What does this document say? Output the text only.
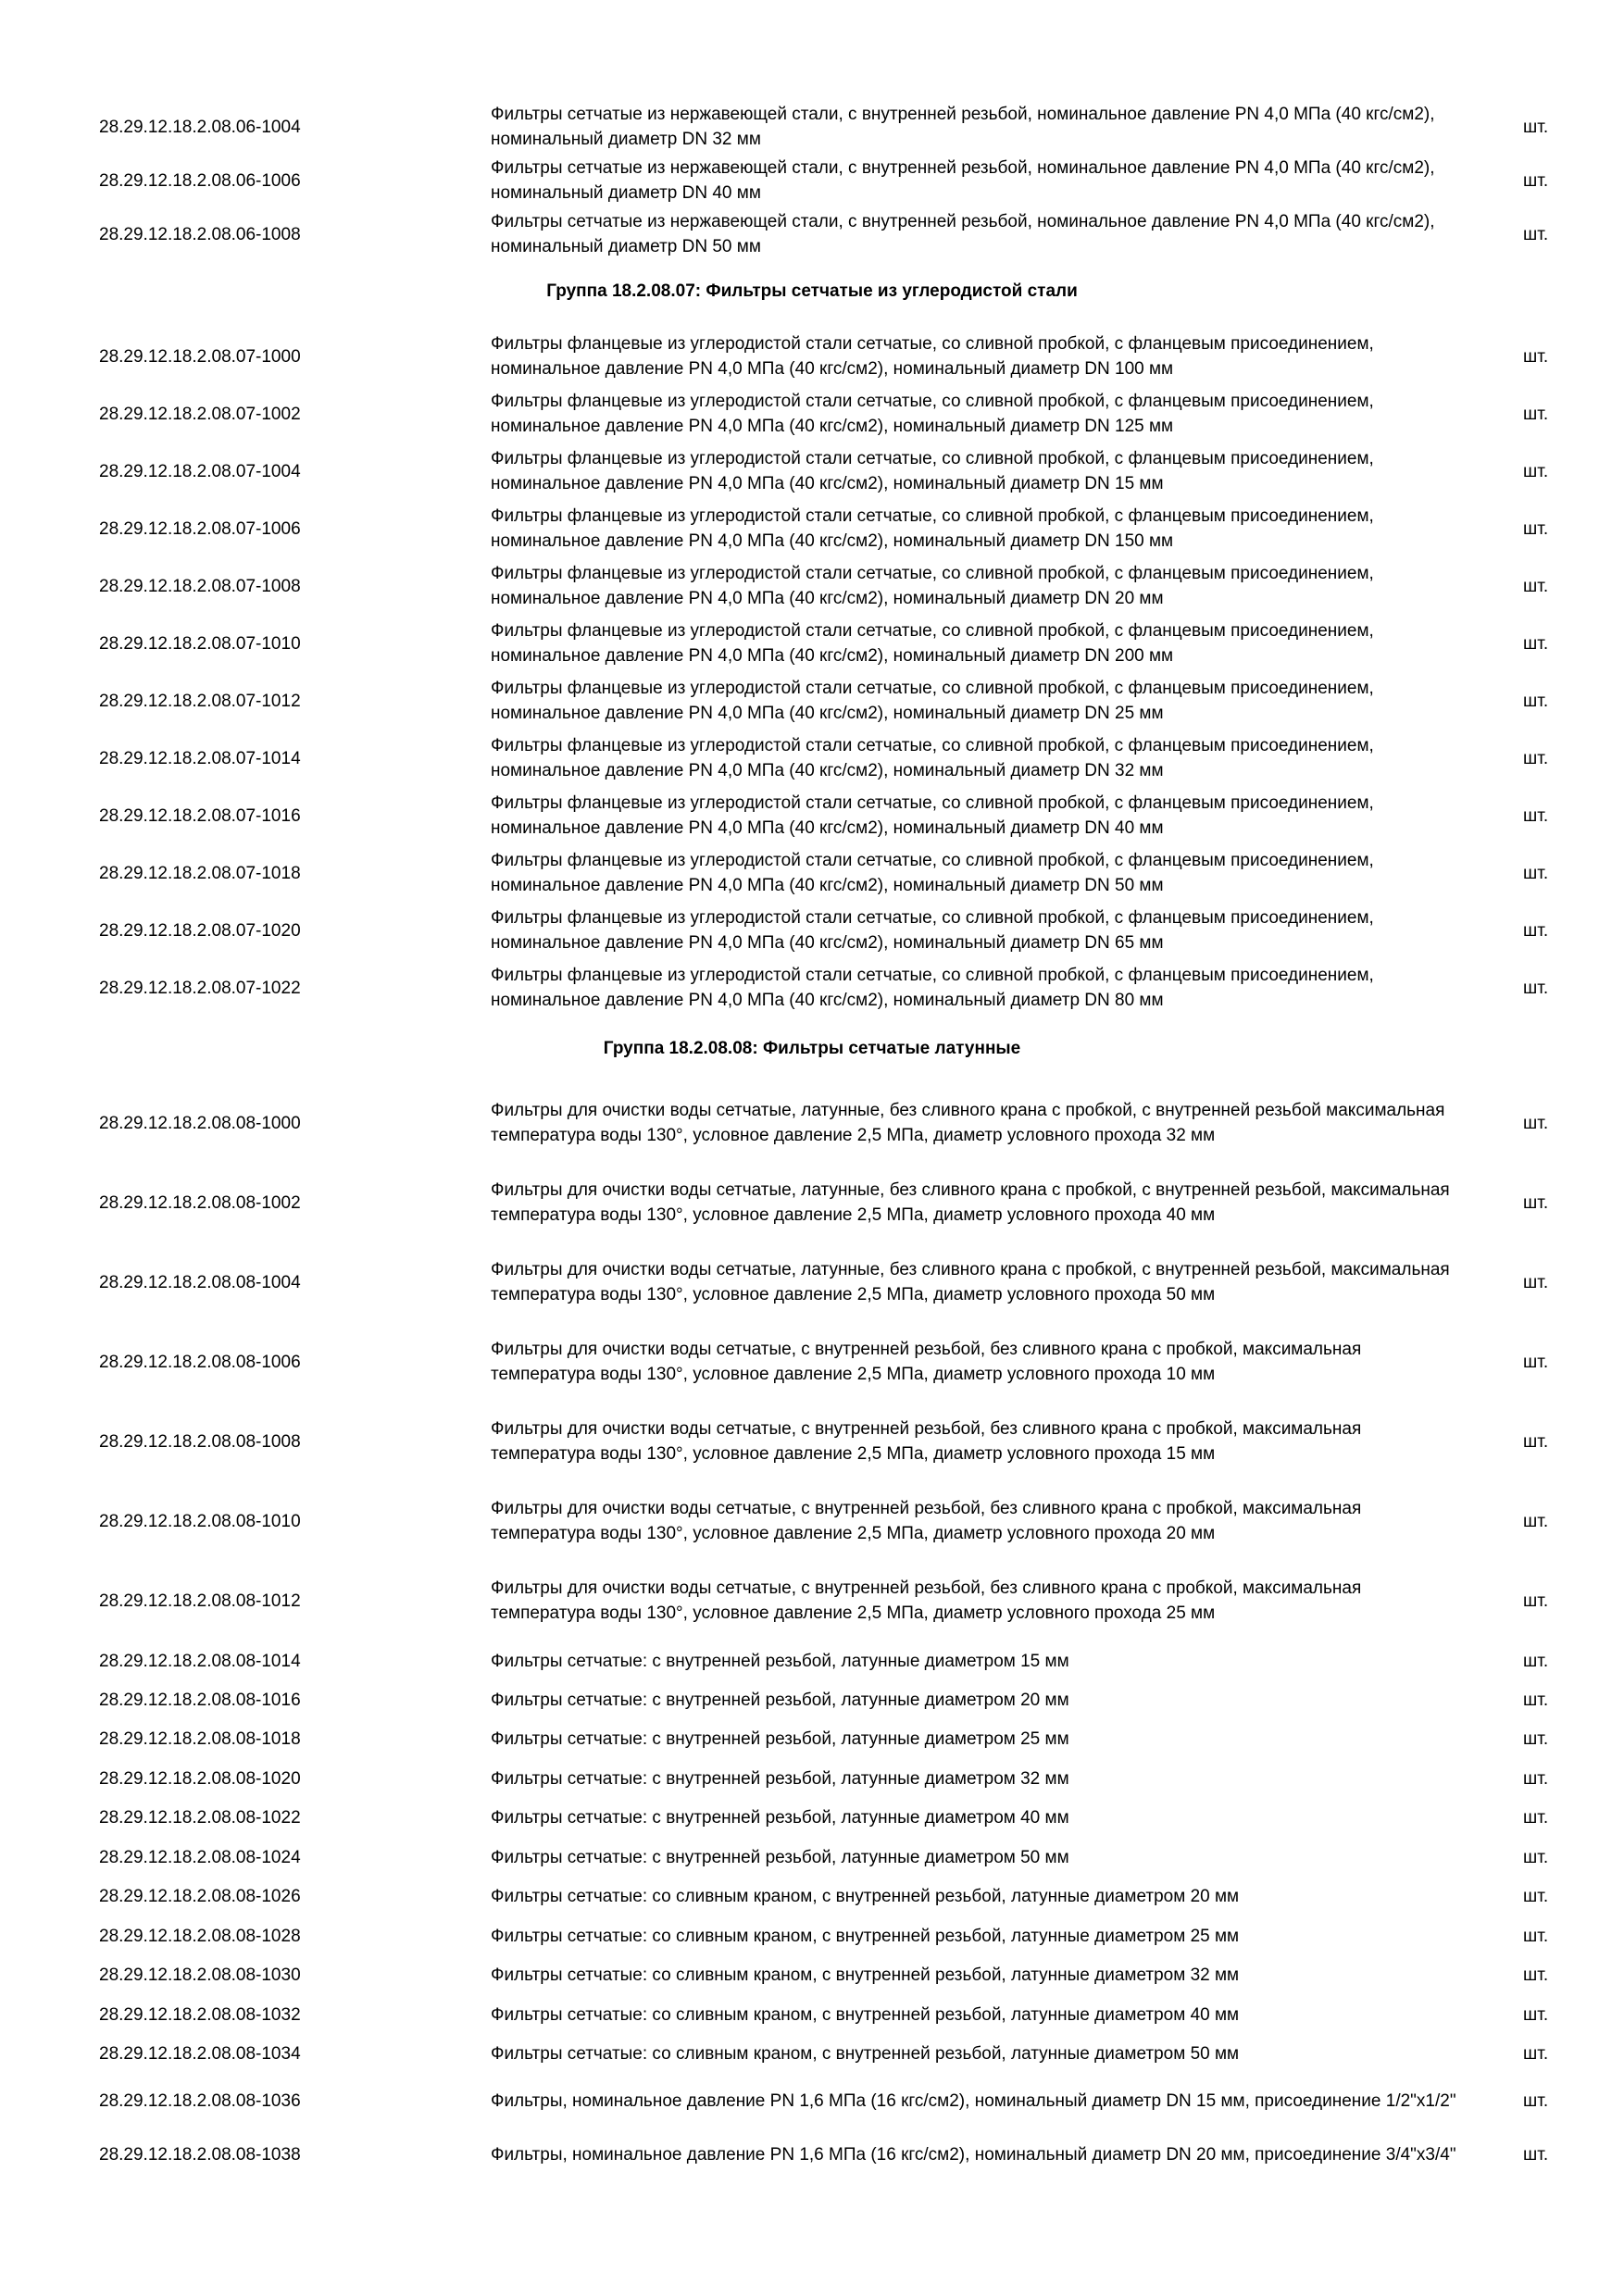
28.29.12.18.2.08.06-1004
Фильтры сетчатые из нержавеющей стали, с внутренней резьбой, номинальное давление PN 4,0 МПа (40 кгс/см2), номинальный диаметр DN 32 мм
шт.
28.29.12.18.2.08.06-1006
Фильтры сетчатые из нержавеющей стали, с внутренней резьбой, номинальное давление PN 4,0 МПа (40 кгс/см2), номинальный диаметр DN 40 мм
шт.
28.29.12.18.2.08.06-1008
Фильтры сетчатые из нержавеющей стали, с внутренней резьбой, номинальное давление PN 4,0 МПа (40 кгс/см2), номинальный диаметр DN 50 мм
шт.
Группа 18.2.08.07: Фильтры сетчатые из углеродистой стали
28.29.12.18.2.08.07-1000
Фильтры фланцевые из углеродистой стали сетчатые, со сливной пробкой, с фланцевым присоединением, номинальное давление PN 4,0 МПа (40 кгс/см2), номинальный диаметр DN 100 мм
шт.
28.29.12.18.2.08.07-1002
Фильтры фланцевые из углеродистой стали сетчатые, со сливной пробкой, с фланцевым присоединением, номинальное давление PN 4,0 МПа (40 кгс/см2), номинальный диаметр DN 125 мм
шт.
28.29.12.18.2.08.07-1004
Фильтры фланцевые из углеродистой стали сетчатые, со сливной пробкой, с фланцевым присоединением, номинальное давление PN 4,0 МПа (40 кгс/см2), номинальный диаметр DN 15 мм
шт.
28.29.12.18.2.08.07-1006
Фильтры фланцевые из углеродистой стали сетчатые, со сливной пробкой, с фланцевым присоединением, номинальное давление PN 4,0 МПа (40 кгс/см2), номинальный диаметр DN 150 мм
шт.
28.29.12.18.2.08.07-1008
Фильтры фланцевые из углеродистой стали сетчатые, со сливной пробкой, с фланцевым присоединением, номинальное давление PN 4,0 МПа (40 кгс/см2), номинальный диаметр DN 20 мм
шт.
28.29.12.18.2.08.07-1010
Фильтры фланцевые из углеродистой стали сетчатые, со сливной пробкой, с фланцевым присоединением, номинальное давление PN 4,0 МПа (40 кгс/см2), номинальный диаметр DN 200 мм
шт.
28.29.12.18.2.08.07-1012
Фильтры фланцевые из углеродистой стали сетчатые, со сливной пробкой, с фланцевым присоединением, номинальное давление PN 4,0 МПа (40 кгс/см2), номинальный диаметр DN 25 мм
шт.
28.29.12.18.2.08.07-1014
Фильтры фланцевые из углеродистой стали сетчатые, со сливной пробкой, с фланцевым присоединением, номинальное давление PN 4,0 МПа (40 кгс/см2), номинальный диаметр DN 32 мм
шт.
28.29.12.18.2.08.07-1016
Фильтры фланцевые из углеродистой стали сетчатые, со сливной пробкой, с фланцевым присоединением, номинальное давление PN 4,0 МПа (40 кгс/см2), номинальный диаметр DN 40 мм
шт.
28.29.12.18.2.08.07-1018
Фильтры фланцевые из углеродистой стали сетчатые, со сливной пробкой, с фланцевым присоединением, номинальное давление PN 4,0 МПа (40 кгс/см2), номинальный диаметр DN 50 мм
шт.
28.29.12.18.2.08.07-1020
Фильтры фланцевые из углеродистой стали сетчатые, со сливной пробкой, с фланцевым присоединением, номинальное давление PN 4,0 МПа (40 кгс/см2), номинальный диаметр DN 65 мм
шт.
28.29.12.18.2.08.07-1022
Фильтры фланцевые из углеродистой стали сетчатые, со сливной пробкой, с фланцевым присоединением, номинальное давление PN 4,0 МПа (40 кгс/см2), номинальный диаметр DN 80 мм
шт.
Группа 18.2.08.08: Фильтры сетчатые латунные
28.29.12.18.2.08.08-1000
Фильтры для очистки воды сетчатые, латунные, без сливного крана с пробкой, с внутренней резьбой максимальная температура воды 130°, условное давление 2,5 МПа, диаметр условного прохода 32 мм
шт.
28.29.12.18.2.08.08-1002
Фильтры для очистки воды сетчатые, латунные, без сливного крана с пробкой, с внутренней резьбой, максимальная температура воды 130°, условное давление 2,5 МПа, диаметр условного прохода 40 мм
шт.
28.29.12.18.2.08.08-1004
Фильтры для очистки воды сетчатые, латунные, без сливного крана с пробкой, с внутренней резьбой, максимальная температура воды 130°, условное давление 2,5 МПа, диаметр условного прохода 50 мм
шт.
28.29.12.18.2.08.08-1006
Фильтры для очистки воды сетчатые, с внутренней резьбой, без сливного крана с пробкой, максимальная температура воды 130°, условное давление 2,5 МПа, диаметр условного прохода 10 мм
шт.
28.29.12.18.2.08.08-1008
Фильтры для очистки воды сетчатые, с внутренней резьбой, без сливного крана с пробкой, максимальная температура воды 130°, условное давление 2,5 МПа, диаметр условного прохода 15 мм
шт.
28.29.12.18.2.08.08-1010
Фильтры для очистки воды сетчатые, с внутренней резьбой, без сливного крана с пробкой, максимальная температура воды 130°, условное давление 2,5 МПа, диаметр условного прохода 20 мм
шт.
28.29.12.18.2.08.08-1012
Фильтры для очистки воды сетчатые, с внутренней резьбой, без сливного крана с пробкой, максимальная температура воды 130°, условное давление 2,5 МПа, диаметр условного прохода 25 мм
шт.
28.29.12.18.2.08.08-1014	Фильтры сетчатые: с внутренней резьбой, латунные диаметром 15 мм	шт.
28.29.12.18.2.08.08-1016	Фильтры сетчатые: с внутренней резьбой, латунные диаметром 20 мм	шт.
28.29.12.18.2.08.08-1018	Фильтры сетчатые: с внутренней резьбой, латунные диаметром 25 мм	шт.
28.29.12.18.2.08.08-1020	Фильтры сетчатые: с внутренней резьбой, латунные диаметром 32 мм	шт.
28.29.12.18.2.08.08-1022	Фильтры сетчатые: с внутренней резьбой, латунные диаметром 40 мм	шт.
28.29.12.18.2.08.08-1024	Фильтры сетчатые: с внутренней резьбой, латунные диаметром 50 мм	шт.
28.29.12.18.2.08.08-1026	Фильтры сетчатые: со сливным краном, с внутренней резьбой, латунные диаметром 20 мм	шт.
28.29.12.18.2.08.08-1028	Фильтры сетчатые: со сливным краном, с внутренней резьбой, латунные диаметром 25 мм	шт.
28.29.12.18.2.08.08-1030	Фильтры сетчатые: со сливным краном, с внутренней резьбой, латунные диаметром 32 мм	шт.
28.29.12.18.2.08.08-1032	Фильтры сетчатые: со сливным краном, с внутренней резьбой, латунные диаметром 40 мм	шт.
28.29.12.18.2.08.08-1034	Фильтры сетчатые: со сливным краном, с внутренней резьбой, латунные диаметром 50 мм	шт.
28.29.12.18.2.08.08-1036	Фильтры, номинальное давление PN 1,6 МПа (16 кгс/см2), номинальный диаметр DN 15 мм, присоединение 1/2"х1/2"	шт.
28.29.12.18.2.08.08-1038	Фильтры, номинальное давление PN 1,6 МПа (16 кгс/см2), номинальный диаметр DN 20 мм, присоединение 3/4"х3/4"	шт.
